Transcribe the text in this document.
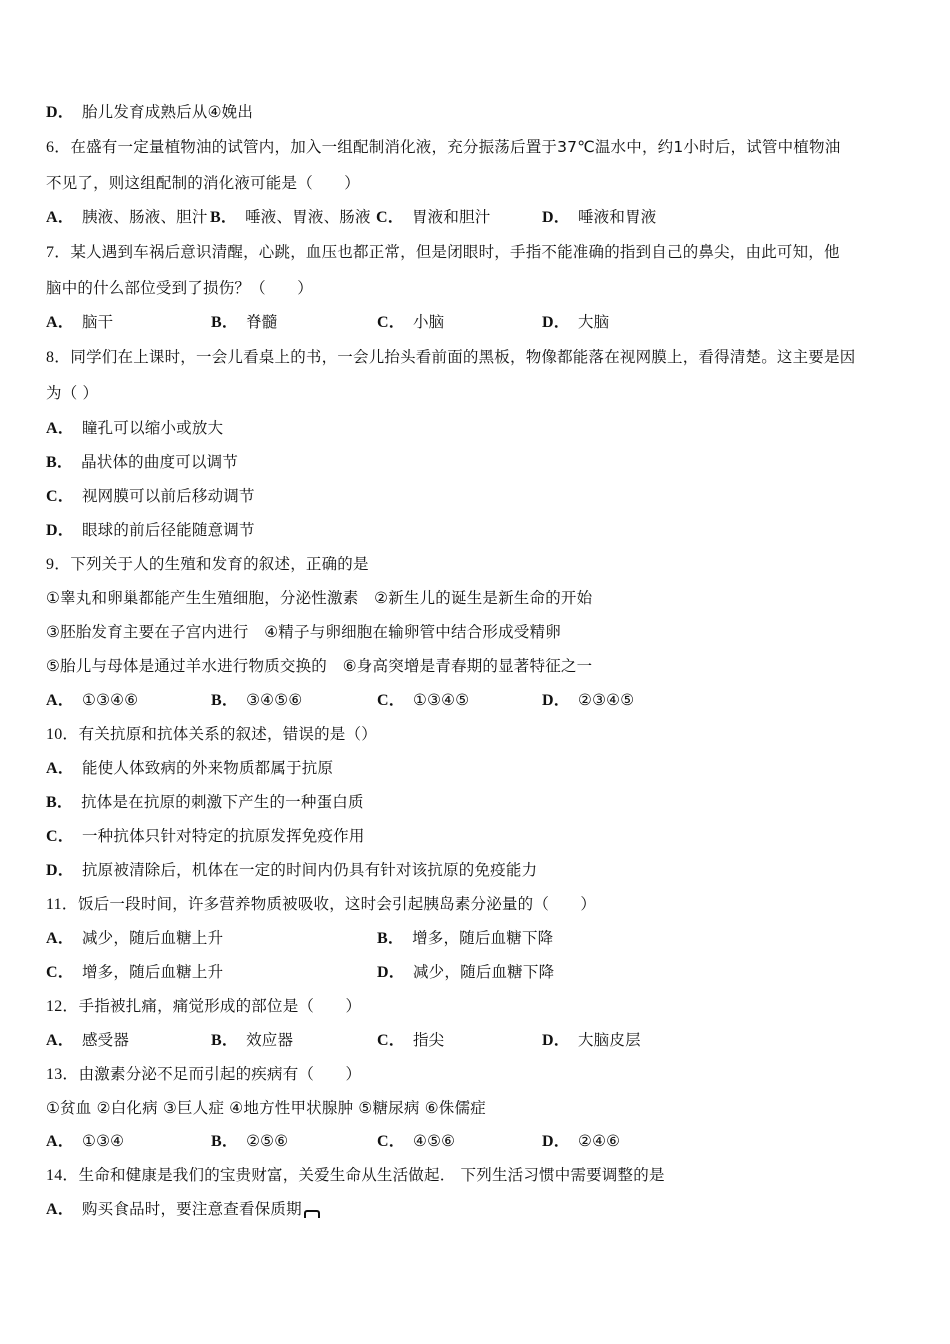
D． 胎儿发育成熟后从④娩出
6．在盛有一定量植物油的试管内，加入一组配制消化液，充分振荡后置于37℃温水中，约1小时后，试管中植物油
不见了，则这组配制的消化液可能是（　　）
A． 胰液、肠液、胆汁 B． 唾液、胃液、肠液 C． 胃液和胆汁	D． 唾液和胃液
7．某人遇到车祸后意识清醒，心跳，血压也都正常，但是闭眼时，手指不能准确的指到自己的鼻尖，由此可知，他
脑中的什么部位受到了损伤？（　　）
A． 脑干	B． 脊髓	C． 小脑	D． 大脑
8．同学们在上课时，一会儿看桌上的书，一会儿抬头看前面的黑板，物像都能落在视网膜上，看得清楚。这主要是因
为（ ）
A． 瞳孔可以缩小或放大
B． 晶状体的曲度可以调节
C． 视网膜可以前后移动调节
D． 眼球的前后径能随意调节
9．下列关于人的生殖和发育的叙述，正确的是
①睾丸和卵巢都能产生生殖细胞，分泌性激素　②新生儿的诞生是新生命的开始
③胚胎发育主要在子宫内进行　④精子与卵细胞在输卵管中结合形成受精卵
⑤胎儿与母体是通过羊水进行物质交换的　⑥身高突增是青春期的显著特征之一
A． ①③④⑥	B． ③④⑤⑥	C． ①③④⑤	D． ②③④⑤
10．有关抗原和抗体关系的叙述，错误的是（）
A． 能使人体致病的外来物质都属于抗原
B． 抗体是在抗原的刺激下产生的一种蛋白质
C． 一种抗体只针对特定的抗原发挥免疫作用
D． 抗原被清除后，机体在一定的时间内仍具有针对该抗原的免疫能力
11．饭后一段时间，许多营养物质被吸收，这时会引起胰岛素分泌量的（　　）
A． 减少，随后血糖上升	B． 增多，随后血糖下降
C． 增多，随后血糖上升	D． 减少，随后血糖下降
12．手指被扎痛，痛觉形成的部位是（　　）
A． 感受器	B． 效应器	C． 指尖	D． 大脑皮层
13．由激素分泌不足而引起的疾病有（　　）
①贫血 ②白化病 ③巨人症 ④地方性甲状腺肿 ⑤糖尿病 ⑥侏儒症
A． ①③④	B． ②⑤⑥	C． ④⑤⑥	D． ②④⑥
14．生命和健康是我们的宝贵财富，关爱生命从生活做起． 下列生活习惯中需要调整的是
A． 购买食品时，要注意查看保质期
